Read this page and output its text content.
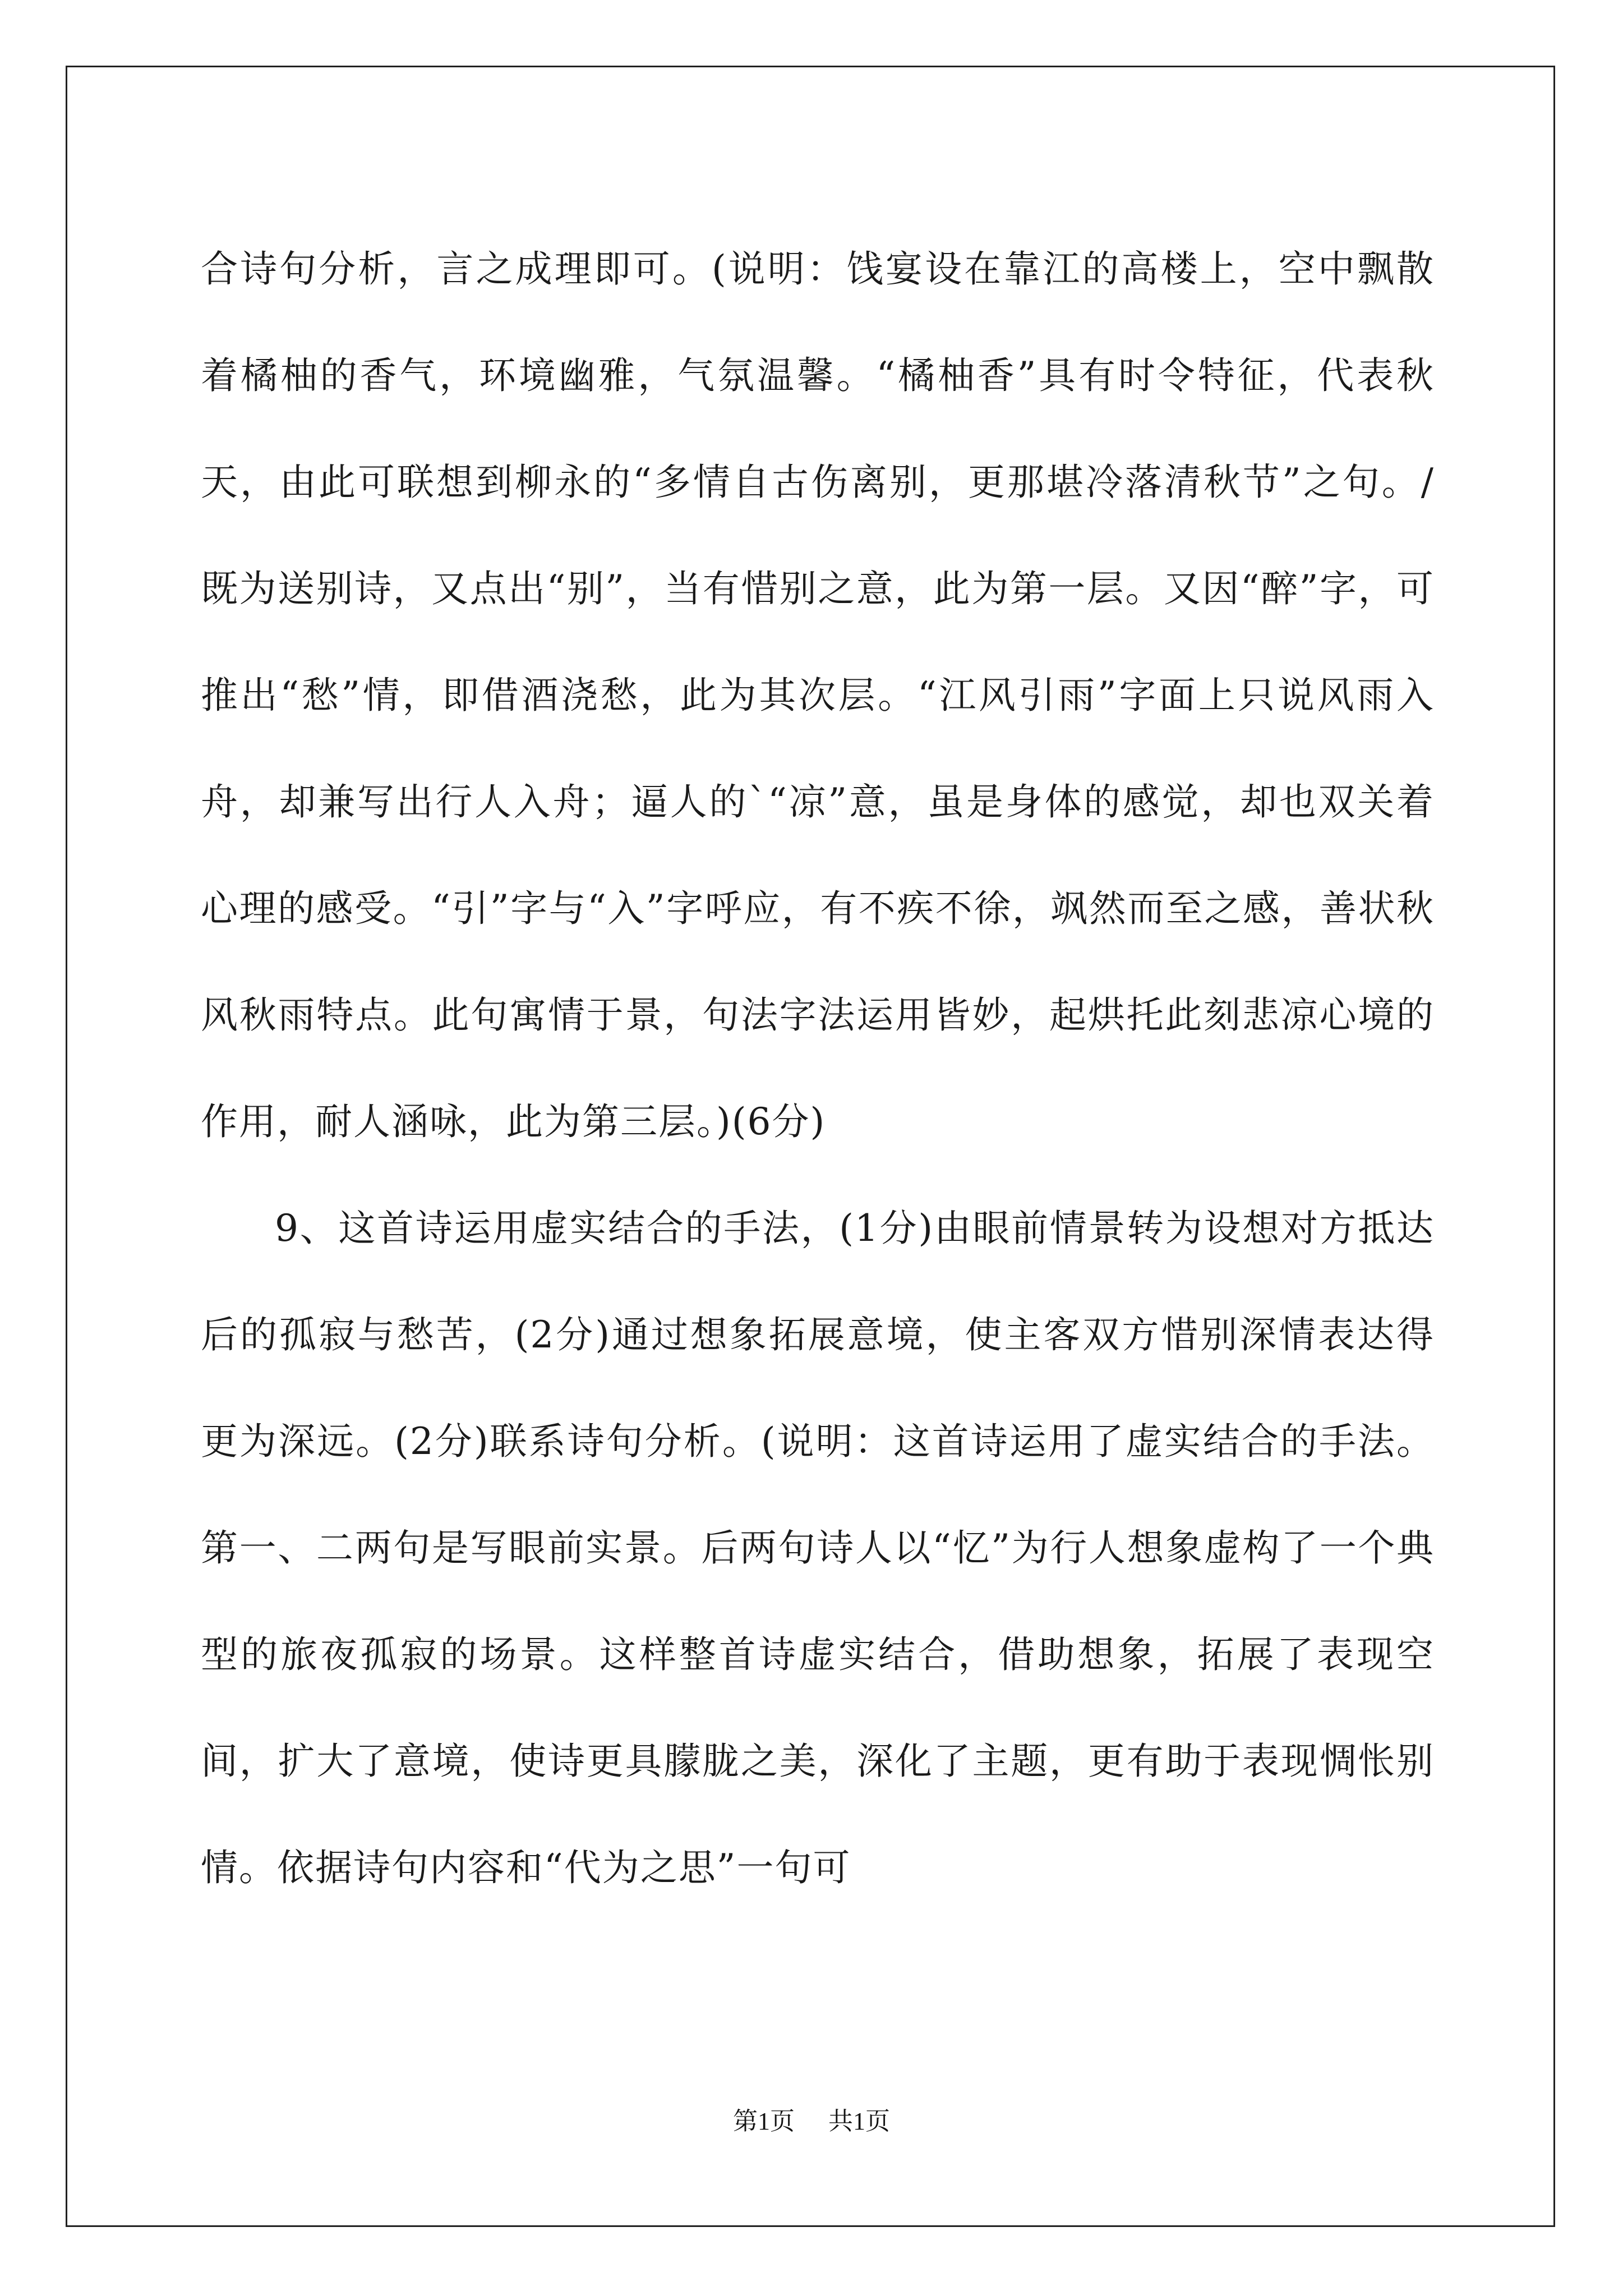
合诗句分析，言之成理即可。(说明：饯宴设在靠江的高楼上，空中飘散着橘柚的香气，环境幽雅，气氛温馨。“橘柚香”具有时令特征，代表秋天，由此可联想到柳永的“多情自古伤离别，更那堪冷落清秋节”之句。/既为送别诗，又点出“别”，当有惜别之意，此为第一层。又因“醉”字，可推出“愁”情，即借酒浇愁，此为其次层。“江风引雨”字面上只说风雨入舟，却兼写出行人入舟；逼人的`“凉”意，虽是身体的感觉，却也双关着心理的感受。“引”字与“入”字呼应，有不疾不徐，飒然而至之感，善状秋风秋雨特点。此句寓情于景，句法字法运用皆妙，起烘托此刻悲凉心境的作用，耐人涵咏，此为第三层。)(6分)

9、这首诗运用虚实结合的手法，(1分)由眼前情景转为设想对方抵达后的孤寂与愁苦，(2分)通过想象拓展意境，使主客双方惜别深情表达得更为深远。(2分)联系诗句分析。(说明：这首诗运用了虚实结合的手法。第一、二两句是写眼前实景。后两句诗人以“忆”为行人想象虚构了一个典型的旅夜孤寂的场景。这样整首诗虚实结合，借助想象，拓展了表现空间，扩大了意境，使诗更具朦胧之美，深化了主题，更有助于表现惆怅别情。依据诗句内容和“代为之思”一句可

第1页 共1页
